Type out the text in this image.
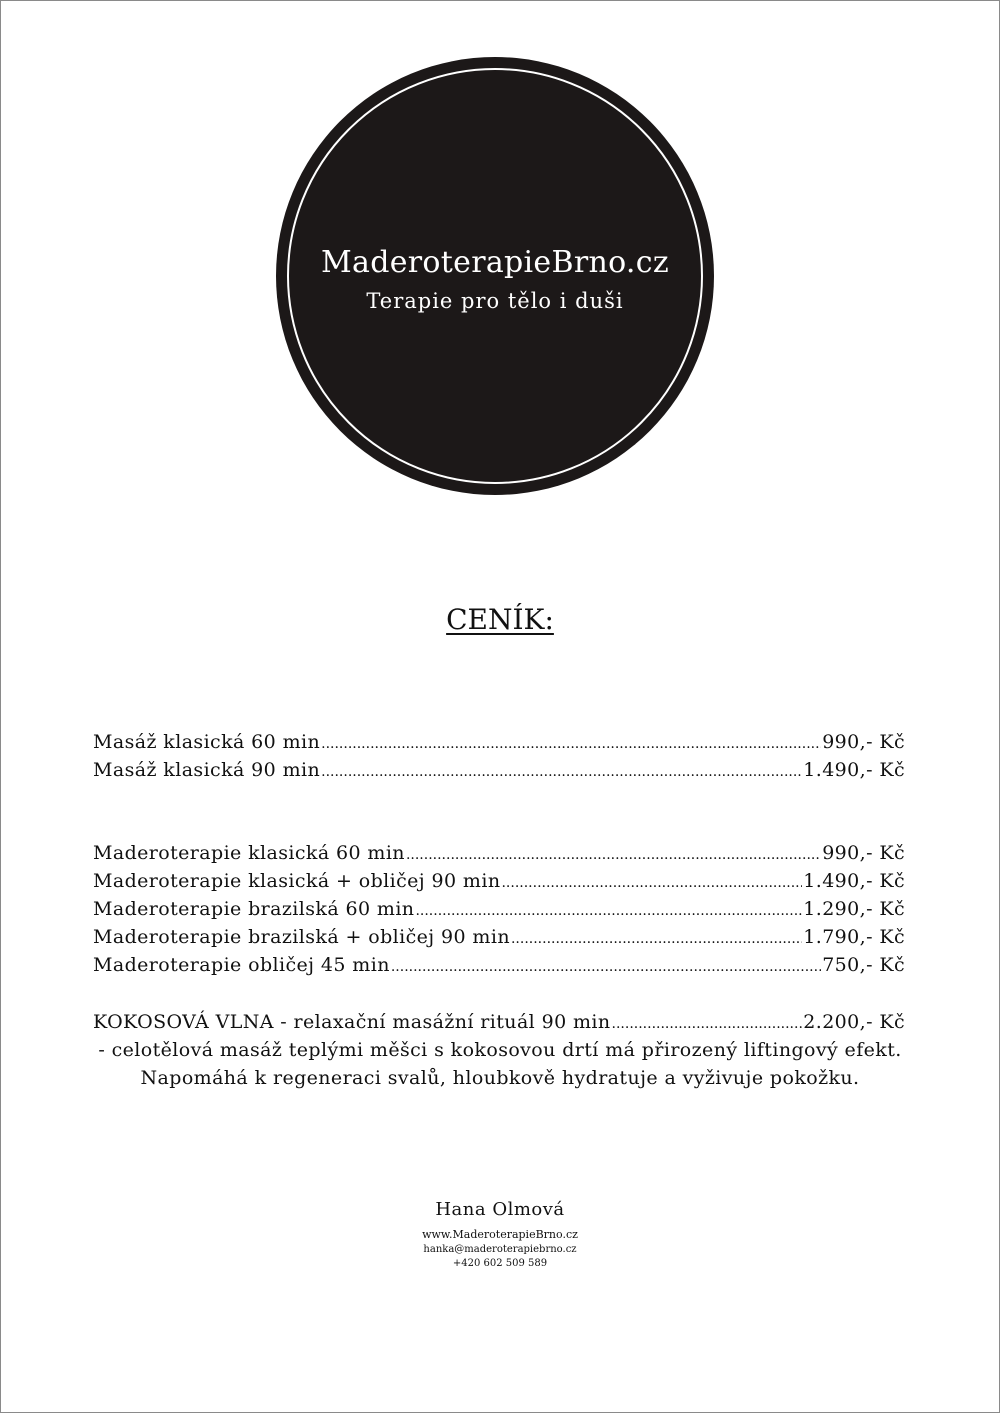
MaderoterapieBrno.cz
Terapie pro tělo i duši
CENÍK:
Masáž klasická 60 min .....	990,- Kč
Masáž klasická 90 min .....	1.490,- Kč
Maderoterapie klasická 60 min .....	990,- Kč
Maderoterapie klasická + obličej 90 min .....	1.490,- Kč
Maderoterapie brazilská 60 min .....	1.290,- Kč
Maderoterapie brazilská + obličej 90 min .....	1.790,- Kč
Maderoterapie obličej 45 min .....	750,- Kč
KOKOSOVÁ VLNA - relaxační masážní rituál 90 min .....	2.200,- Kč
- celotělová masáž teplými měšci s kokosovou drtí má přirozený liftingový efekt.
Napomáhá k regeneraci svalů, hloubkově hydratuje a vyživuje pokožku.
Hana Olmová
www.MaderoterapieBrno.cz
hanka@maderoterapiebrno.cz
+420 602 509 589
